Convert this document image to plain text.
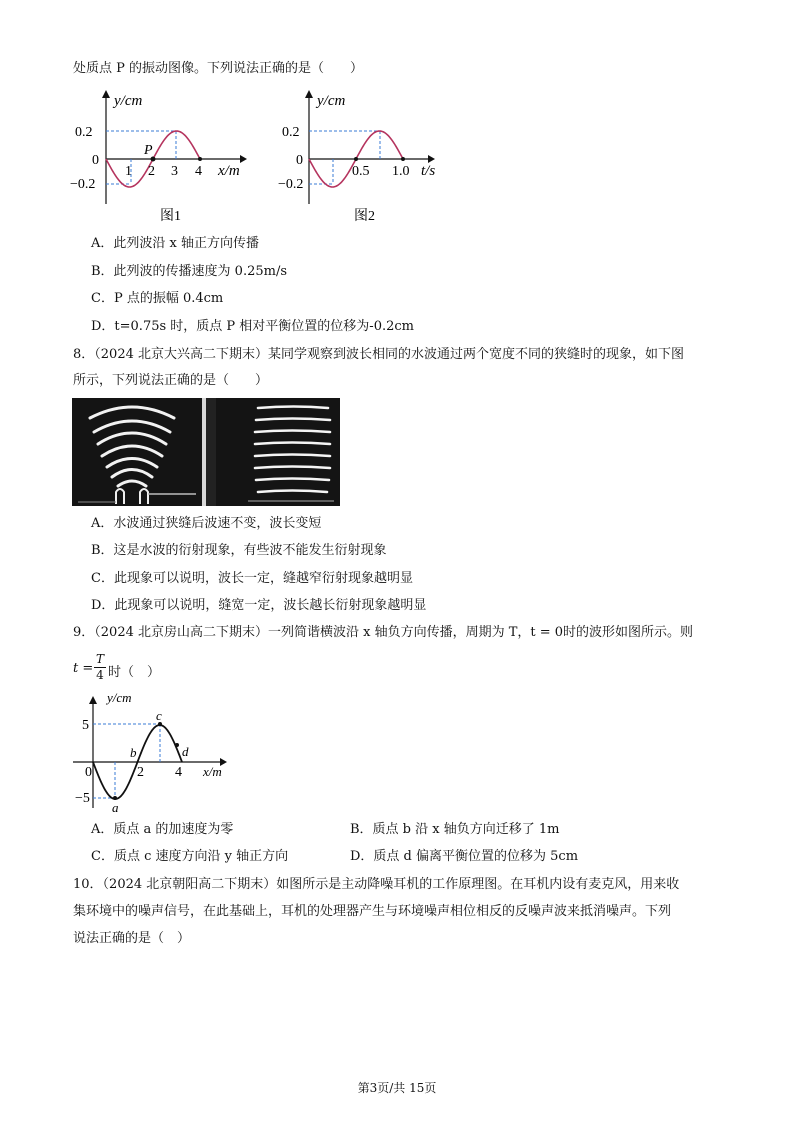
处质点 P 的振动图像。下列说法正确的是（　　）
y/cm
0.2
0
−0.2
1 2 3 4 x/m
P
图1
y/cm
0.2
0
−0.2
0.5 1.0 t/s
图2
A．此列波沿 x 轴正方向传播
B．此列波的传播速度为 0.25m/s
C．P 点的振幅 0.4cm
D．t=0.75s 时，质点 P 相对平衡位置的位移为-0.2cm
8．（2024 北京大兴高二下期末）某同学观察到波长相同的水波通过两个宽度不同的狭缝时的现象，如下图
所示，下列说法正确的是（　　）
A．水波通过狭缝后波速不变，波长变短
B．这是水波的衍射现象，有些波不能发生衍射现象
C．此现象可以说明，波长一定，缝越窄衍射现象越明显
D．此现象可以说明，缝宽一定，波长越长衍射现象越明显
9．（2024 北京房山高二下期末）一列简谐横波沿 x 轴负方向传播，周期为 T，t = 0时的波形如图所示。则
t =
T
4 时（　）
y/cm
5
−5
0	2 4 x/m
a
b
c
d
A．质点 a 的加速度为零	B．质点 b 沿 x 轴负方向迁移了 1m
C．质点 c 速度方向沿 y 轴正方向	D．质点 d 偏离平衡位置的位移为 5cm
10．（2024 北京朝阳高二下期末）如图所示是主动降噪耳机的工作原理图。在耳机内设有麦克风，用来收
集环境中的噪声信号，在此基础上，耳机的处理器产生与环境噪声相位相反的反噪声波来抵消噪声。下列
说法正确的是（　）
第3页/共 15页
